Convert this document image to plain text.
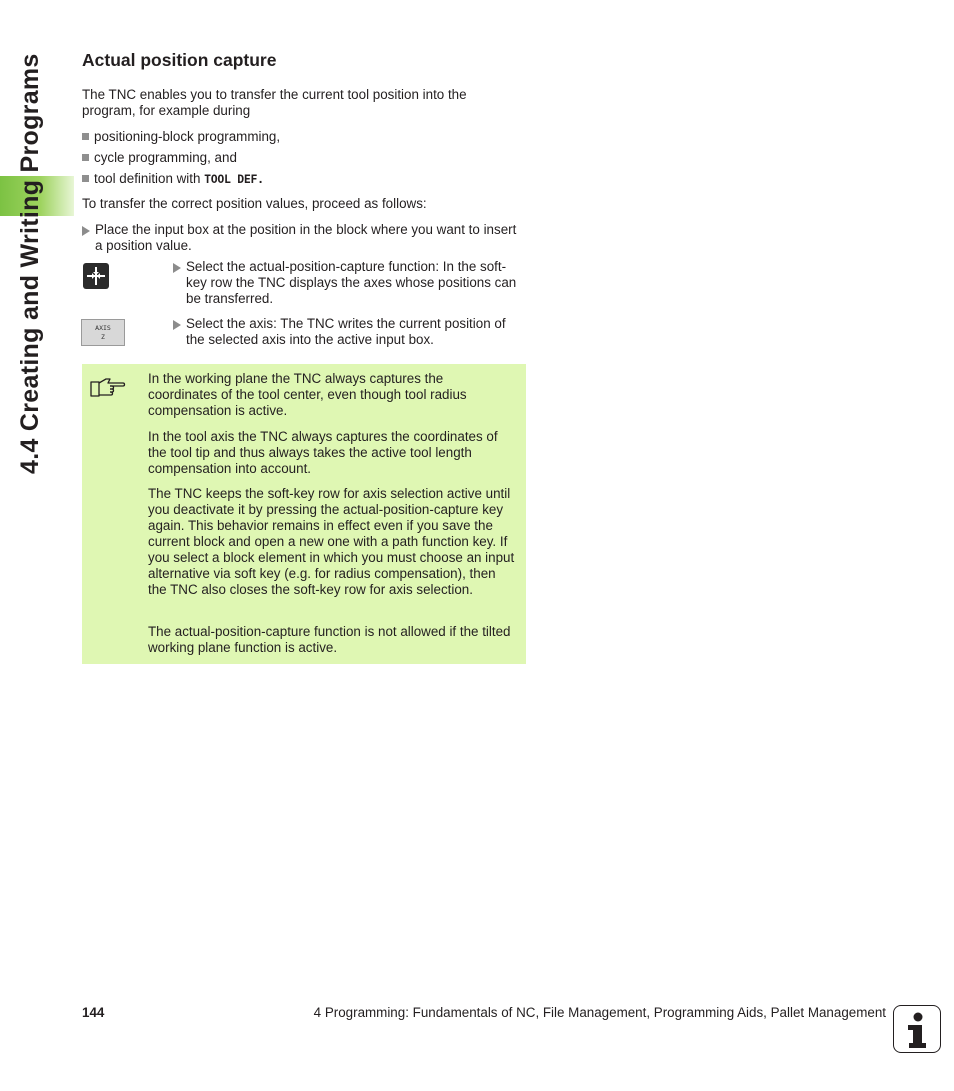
4.4 Creating and Writing Programs Actual position capture

The TNC enables you to transfer the current tool position into the program, for example during

positioning-block programming,

cycle programming, and

tool definition with TOOL DEF.

To transfer the correct position values, proceed as follows:

Place the input box at the position in the block where you want to insert a position value.
Select the actual-position-capture function: In the soft-key row the TNC displays the axes whose positions can be transferred.
AXIS
Z
Select the axis: The TNC writes the current position of the selected axis into the active input box.

In the working plane the TNC always captures the coordinates of the tool center, even though tool radius compensation is active.

In the tool axis the TNC always captures the coordinates of the tool tip and thus always takes the active tool length compensation into account.

The TNC keeps the soft-key row for axis selection active until you deactivate it by pressing the actual-position-capture key again. This behavior remains in effect even if you save the current block and open a new one with a path function key. If you select a block element in which you must choose an input alternative via soft key (e.g. for radius compensation), then the TNC also closes the soft-key row for axis selection.

The actual-position-capture function is not allowed if the tilted working plane function is active.

144	4 Programming: Fundamentals of NC, File Management, Programming Aids, Pallet Management
